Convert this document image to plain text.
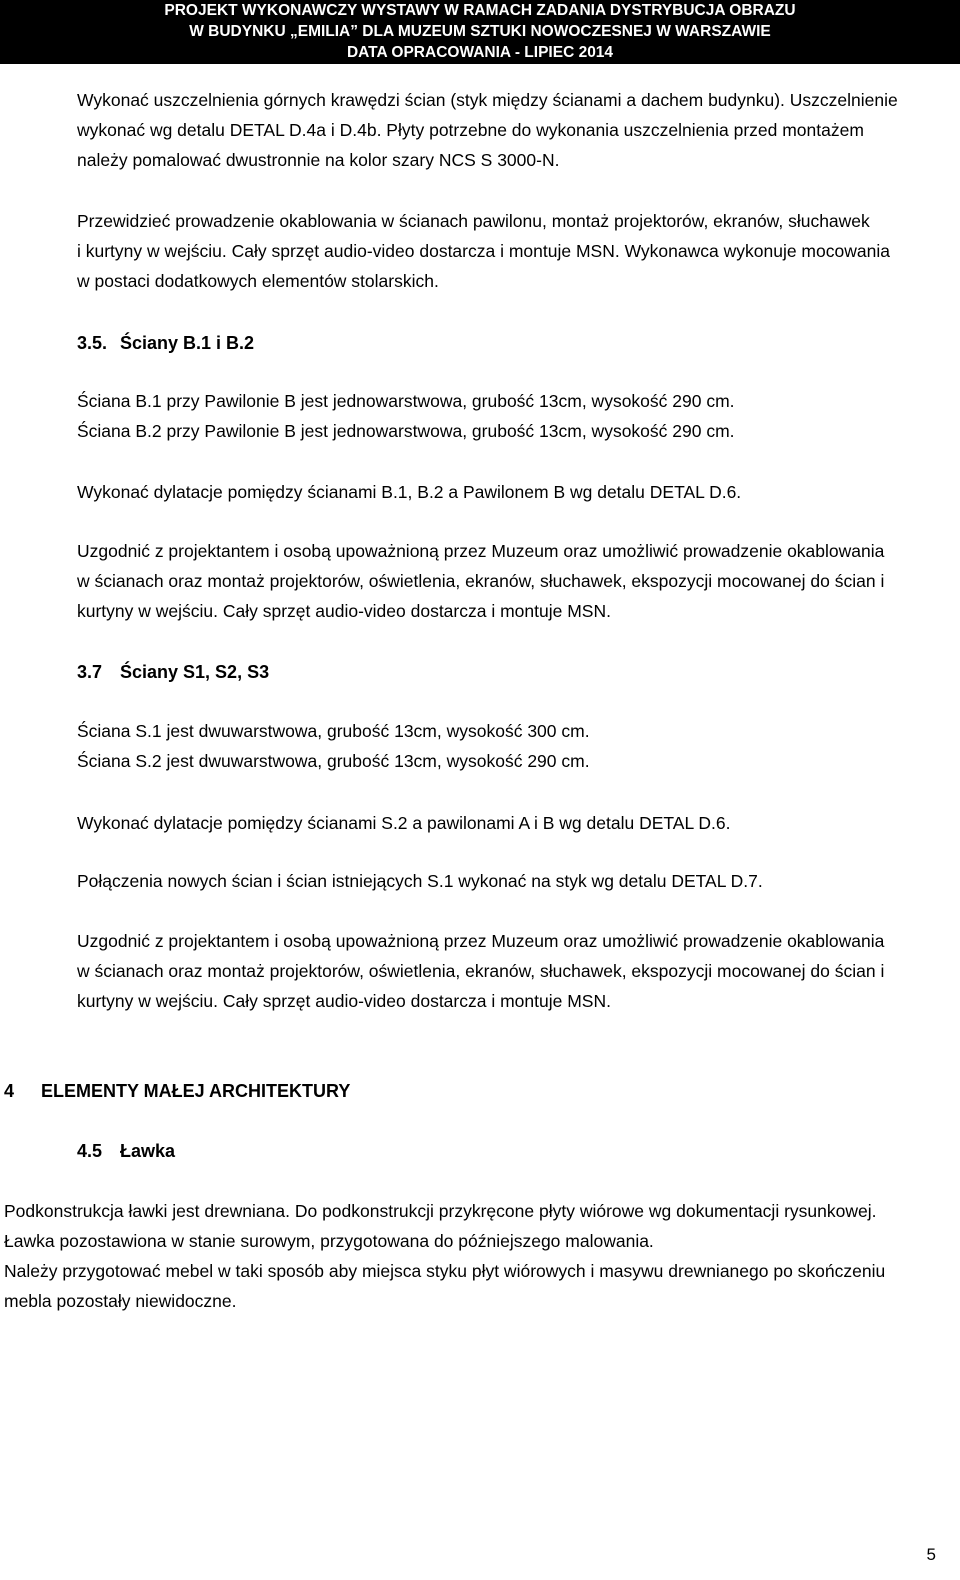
PROJEKT WYKONAWCZY WYSTAWY W RAMACH ZADANIA DYSTRYBUCJA OBRAZU
W BUDYNKU „EMILIA” DLA MUZEUM SZTUKI NOWOCZESNEJ W WARSZAWIE
DATA OPRACOWANIA - LIPIEC 2014
Wykonać uszczelnienia górnych krawędzi ścian (styk między ścianami a dachem budynku). Uszczelnienie
wykonać wg detalu DETAL D.4a i D.4b. Płyty potrzebne do wykonania uszczelnienia przed montażem
należy pomalować dwustronnie na kolor szary NCS S 3000-N.
Przewidzieć prowadzenie okablowania w ścianach pawilonu, montaż projektorów, ekranów, słuchawek
i kurtyny w wejściu. Cały sprzęt audio-video dostarcza i montuje MSN. Wykonawca wykonuje mocowania
w postaci dodatkowych elementów stolarskich.
3.5. Ściany B.1 i B.2
Ściana B.1 przy Pawilonie B jest jednowarstwowa, grubość 13cm, wysokość 290 cm.
Ściana B.2 przy Pawilonie B jest jednowarstwowa, grubość 13cm, wysokość 290 cm.
Wykonać dylatacje pomiędzy ścianami B.1, B.2 a Pawilonem B wg detalu DETAL D.6.
Uzgodnić z projektantem i osobą upoważnioną przez Muzeum oraz umożliwić prowadzenie okablowania
w ścianach oraz montaż projektorów, oświetlenia, ekranów, słuchawek, ekspozycji mocowanej do ścian i
kurtyny w wejściu. Cały sprzęt audio-video dostarcza i montuje MSN.
3.7 Ściany S1, S2, S3
Ściana S.1 jest dwuwarstwowa, grubość 13cm, wysokość 300 cm.
Ściana S.2 jest dwuwarstwowa, grubość 13cm, wysokość 290 cm.
Wykonać dylatacje pomiędzy ścianami S.2 a pawilonami A i B wg detalu DETAL D.6.
Połączenia nowych ścian i ścian istniejących S.1 wykonać na styk wg detalu DETAL D.7.
Uzgodnić z projektantem i osobą upoważnioną przez Muzeum oraz umożliwić prowadzenie okablowania
w ścianach oraz montaż projektorów, oświetlenia, ekranów, słuchawek, ekspozycji mocowanej do ścian i
kurtyny w wejściu. Cały sprzęt audio-video dostarcza i montuje MSN.
4 ELEMENTY MAŁEJ ARCHITEKTURY
4.5 Ławka
Podkonstrukcja ławki jest drewniana. Do podkonstrukcji przykręcone płyty wiórowe wg dokumentacji rysunkowej.
Ławka pozostawiona w stanie surowym, przygotowana do późniejszego malowania.
Należy przygotować mebel w taki sposób aby miejsca styku płyt wiórowych i masywu drewnianego po skończeniu
mebla pozostały niewidoczne.
5
